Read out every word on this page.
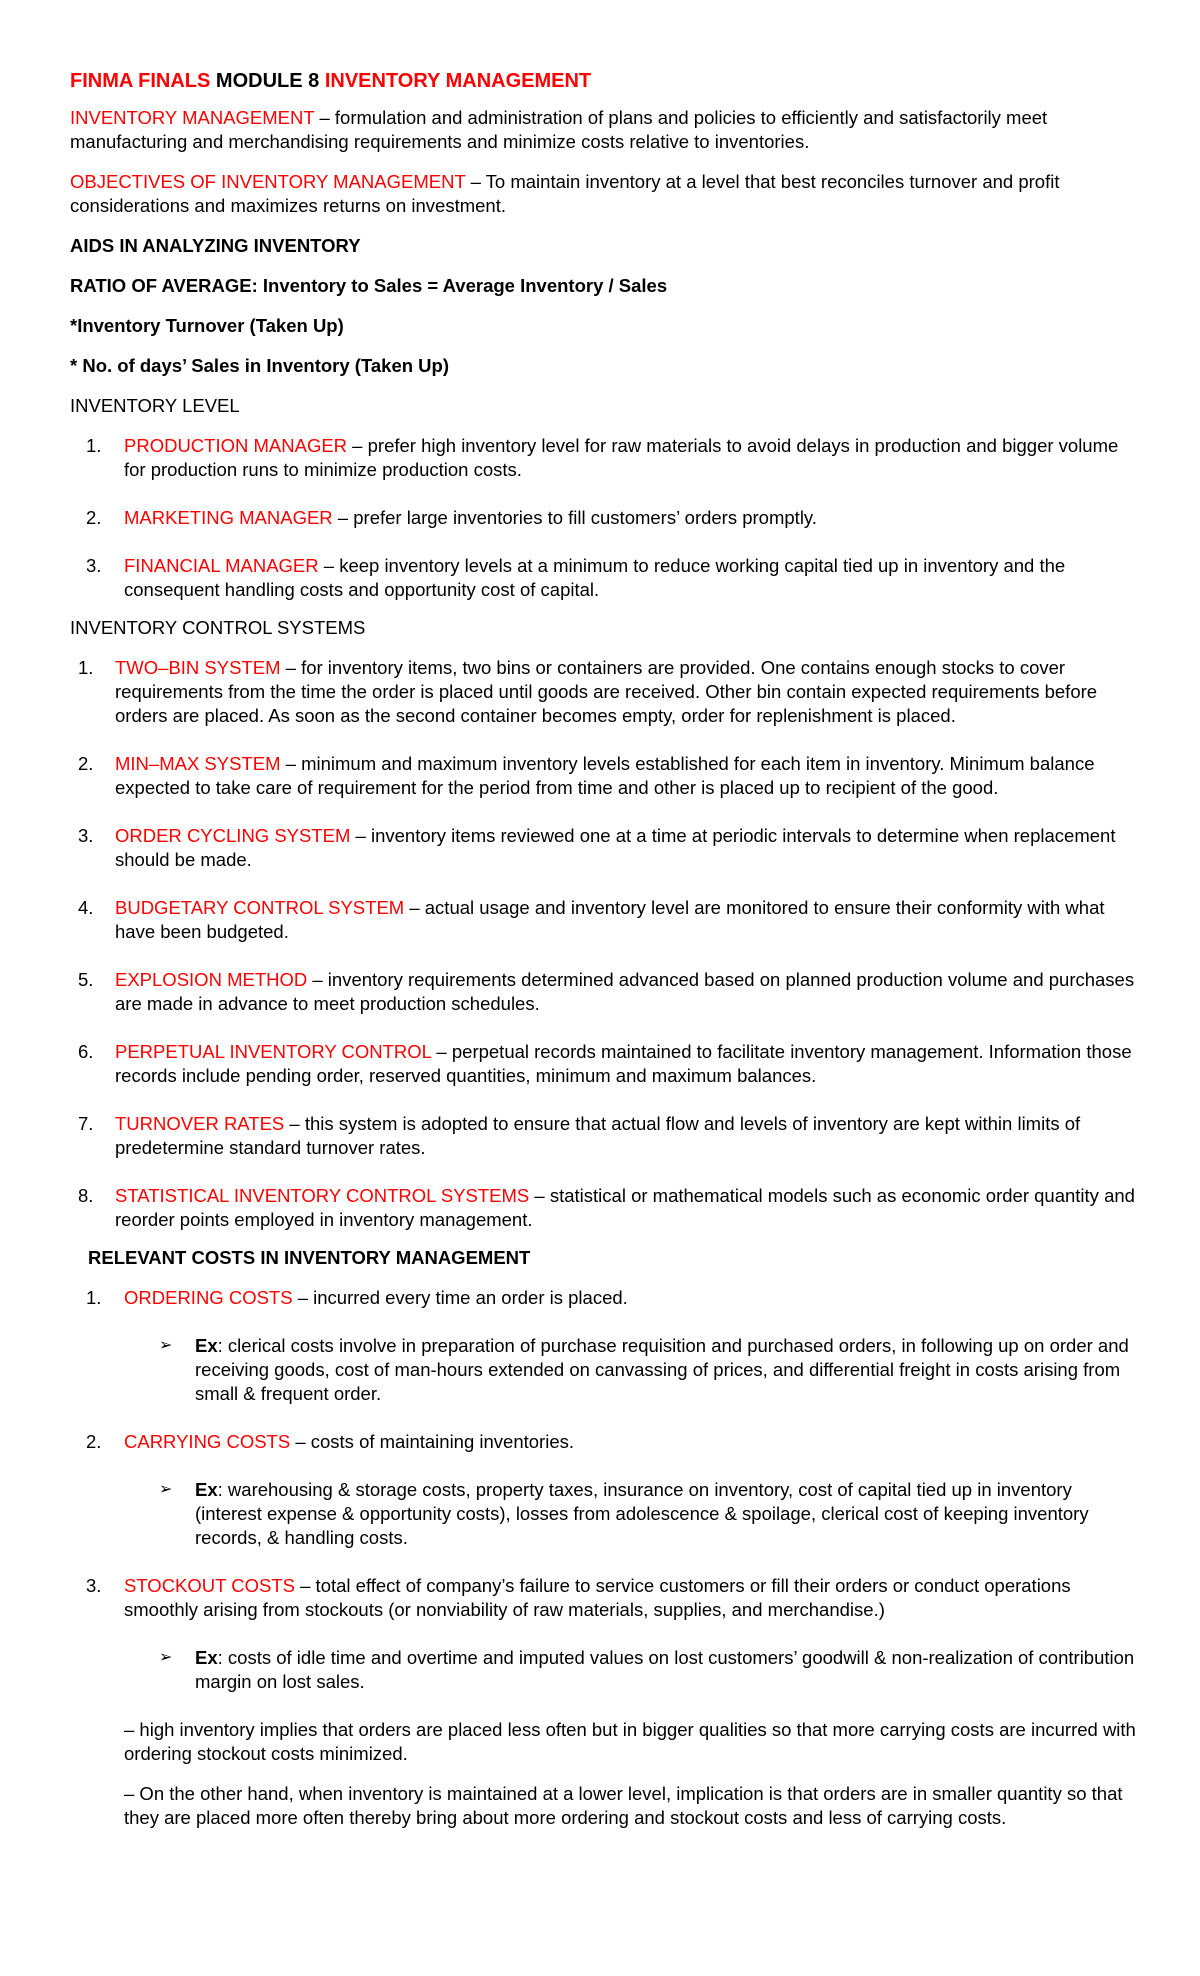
FINMA FINALS MODULE 8 INVENTORY MANAGEMENT

INVENTORY MANAGEMENT – formulation and administration of plans and policies to efficiently and satisfactorily meet manufacturing and merchandising requirements and minimize costs relative to inventories.

OBJECTIVES OF INVENTORY MANAGEMENT – To maintain inventory at a level that best reconciles turnover and profit considerations and maximizes returns on investment.

AIDS IN ANALYZING INVENTORY

RATIO OF AVERAGE: Inventory to Sales = Average Inventory / Sales

*Inventory Turnover (Taken Up)

* No. of days’ Sales in Inventory (Taken Up)

INVENTORY LEVEL

1.	PRODUCTION MANAGER – prefer high inventory level for raw materials to avoid delays in production and bigger volume for production runs to minimize production costs.
2.	MARKETING MANAGER – prefer large inventories to fill customers’ orders promptly.
3.	FINANCIAL MANAGER – keep inventory levels at a minimum to reduce working capital tied up in inventory and the consequent handling costs and opportunity cost of capital.

INVENTORY CONTROL SYSTEMS

1.	TWO–BIN SYSTEM – for inventory items, two bins or containers are provided. One contains enough stocks to cover requirements from the time the order is placed until goods are received. Other bin contain expected requirements before orders are placed. As soon as the second container becomes empty, order for replenishment is placed.
2.	MIN–MAX SYSTEM – minimum and maximum inventory levels established for each item in inventory. Minimum balance expected to take care of requirement for the period from time and other is placed up to recipient of the good.
3.	ORDER CYCLING SYSTEM – inventory items reviewed one at a time at periodic intervals to determine when replacement should be made.
4.	BUDGETARY CONTROL SYSTEM – actual usage and inventory level are monitored to ensure their conformity with what have been budgeted.
5.	EXPLOSION METHOD – inventory requirements determined advanced based on planned production volume and purchases are made in advance to meet production schedules.
6.	PERPETUAL INVENTORY CONTROL – perpetual records maintained to facilitate inventory management. Information those records include pending order, reserved quantities, minimum and maximum balances.
7.	TURNOVER RATES – this system is adopted to ensure that actual flow and levels of inventory are kept within limits of predetermine standard turnover rates.
8.	STATISTICAL INVENTORY CONTROL SYSTEMS – statistical or mathematical models such as economic order quantity and reorder points employed in inventory management.

RELEVANT COSTS IN INVENTORY MANAGEMENT

1.	ORDERING COSTS – incurred every time an order is placed.

➢ Ex: clerical costs involve in preparation of purchase requisition and purchased orders, in following up on order and receiving goods, cost of man-hours extended on canvassing of prices, and differential freight in costs arising from small & frequent order.

2.	CARRYING COSTS – costs of maintaining inventories.

➢ Ex: warehousing & storage costs, property taxes, insurance on inventory, cost of capital tied up in inventory (interest expense & opportunity costs), losses from adolescence & spoilage, clerical cost of keeping inventory records, & handling costs.

3.	STOCKOUT COSTS – total effect of company’s failure to service customers or fill their orders or conduct operations smoothly arising from stockouts (or nonviability of raw materials, supplies, and merchandise.)

➢ Ex: costs of idle time and overtime and imputed values on lost customers’ goodwill & non-realization of contribution margin on lost sales.

– high inventory implies that orders are placed less often but in bigger qualities so that more carrying costs are incurred with ordering stockout costs minimized.

– On the other hand, when inventory is maintained at a lower level, implication is that orders are in smaller quantity so that they are placed more often thereby bring about more ordering and stockout costs and less of carrying costs.
